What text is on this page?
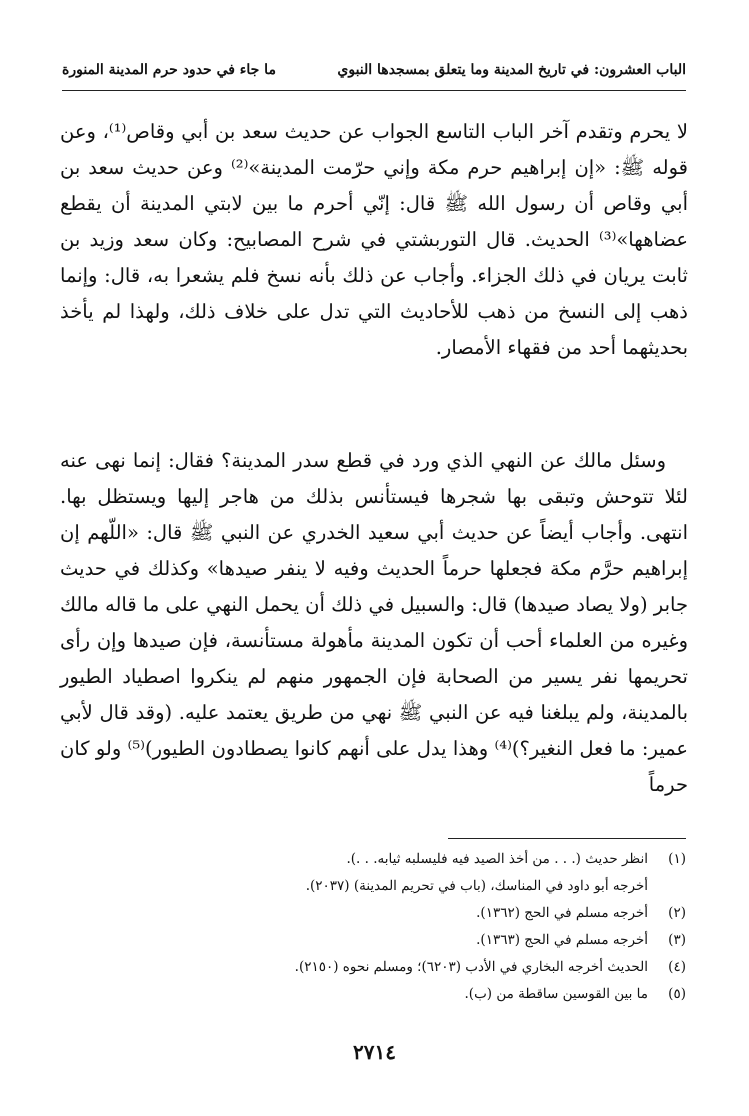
الباب العشرون: في تاريخ المدينة وما يتعلق بمسجدها النبوي
ما جاء في حدود حرم المدينة المنورة

لا يحرم وتقدم آخر الباب التاسع الجواب عن حديث سعد بن أبي وقاص⁽¹⁾، وعن قوله ﷺ: «إن إبراهيم حرم مكة وإني حرّمت المدينة»⁽²⁾ وعن حديث سعد بن أبي وقاص أن رسول الله ﷺ قال: إنّي أحرم ما بين لابتي المدينة أن يقطع عضاهها»⁽³⁾ الحديث. قال التوربشتي في شرح المصابيح: وكان سعد وزيد بن ثابت يريان في ذلك الجزاء. وأجاب عن ذلك بأنه نسخ فلم يشعرا به، قال: وإنما ذهب إلى النسخ من ذهب للأحاديث التي تدل على خلاف ذلك، ولهذا لم يأخذ بحديثهما أحد من فقهاء الأمصار.

وسئل مالك عن النهي الذي ورد في قطع سدر المدينة؟ فقال: إنما نهى عنه لئلا تتوحش وتبقى بها شجرها فيستأنس بذلك من هاجر إليها ويستظل بها. انتهى. وأجاب أيضاً عن حديث أبي سعيد الخدري عن النبي ﷺ قال: «اللّهم إن إبراهيم حرَّم مكة فجعلها حرماً الحديث وفيه لا ينفر صيدها» وكذلك في حديث جابر (ولا يصاد صيدها) قال: والسبيل في ذلك أن يحمل النهي على ما قاله مالك وغيره من العلماء أحب أن تكون المدينة مأهولة مستأنسة، فإن صيدها وإن رأى تحريمها نفر يسير من الصحابة فإن الجمهور منهم لم ينكروا اصطياد الطيور بالمدينة، ولم يبلغنا فيه عن النبي ﷺ نهي من طريق يعتمد عليه. (وقد قال لأبي عمير: ما فعل النغير؟)⁽⁴⁾ وهذا يدل على أنهم كانوا يصطادون الطيور)⁽⁵⁾ ولو كان حرماً

(١)
انظر حديث (. . . من أخذ الصيد فيه فليسلبه ثيابه. . .).
أخرجه أبو داود في المناسك، (باب في تحريم المدينة) (٢٠٣٧).
(٢)
أخرجه مسلم في الحج (١٣٦٢).
(٣)
أخرجه مسلم في الحج (١٣٦٣).
(٤)
الحديث أخرجه البخاري في الأدب (٦٢٠٣)؛ ومسلم نحوه (٢١٥٠).
(٥)
ما بين القوسين ساقطة من (ب).
٢٧١٤
